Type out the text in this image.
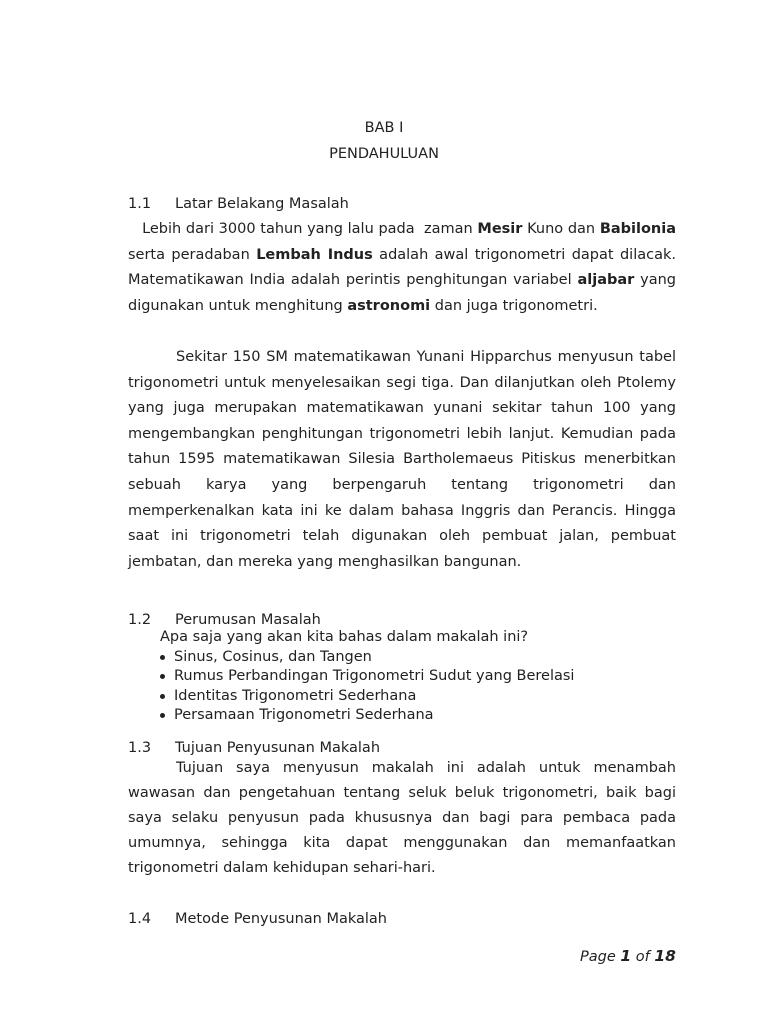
BAB I
PENDAHULUAN
1.1 Latar Belakang Masalah

Lebih dari 3000 tahun yang lalu pada  zaman Mesir Kuno dan Babilonia serta peradaban Lembah Indus adalah awal trigonometri dapat dilacak. Matematikawan India adalah perintis penghitungan variabel aljabar yang digunakan untuk menghitung astronomi dan juga trigonometri.

Sekitar 150 SM matematikawan Yunani Hipparchus menyusun tabel trigonometri untuk menyelesaikan segi tiga. Dan dilanjutkan oleh Ptolemy yang juga merupakan matematikawan yunani sekitar tahun 100 yang mengembangkan penghitungan trigonometri lebih lanjut. Kemudian pada tahun 1595 matematikawan Silesia Bartholemaeus Pitiskus menerbitkan sebuah karya yang berpengaruh tentang trigonometri dan memperkenalkan kata ini ke dalam bahasa Inggris dan Perancis. Hingga saat ini trigonometri telah digunakan oleh pembuat jalan, pembuat jembatan, dan mereka yang menghasilkan bangunan.

1.2 Perumusan Masalah
Apa saja yang akan kita bahas dalam makalah ini?
Sinus, Cosinus, dan Tangen
Rumus Perbandingan Trigonometri Sudut yang Berelasi
Identitas Trigonometri Sederhana
Persamaan Trigonometri Sederhana
1.3 Tujuan Penyusunan Makalah

Tujuan saya menyusun makalah ini adalah untuk menambah wawasan dan pengetahuan tentang seluk beluk trigonometri, baik bagi saya selaku penyusun pada khususnya dan bagi para pembaca pada umumnya, sehingga kita dapat menggunakan dan memanfaatkan trigonometri dalam kehidupan sehari-hari.

1.4 Metode Penyusunan Makalah
Page 1 of 18
